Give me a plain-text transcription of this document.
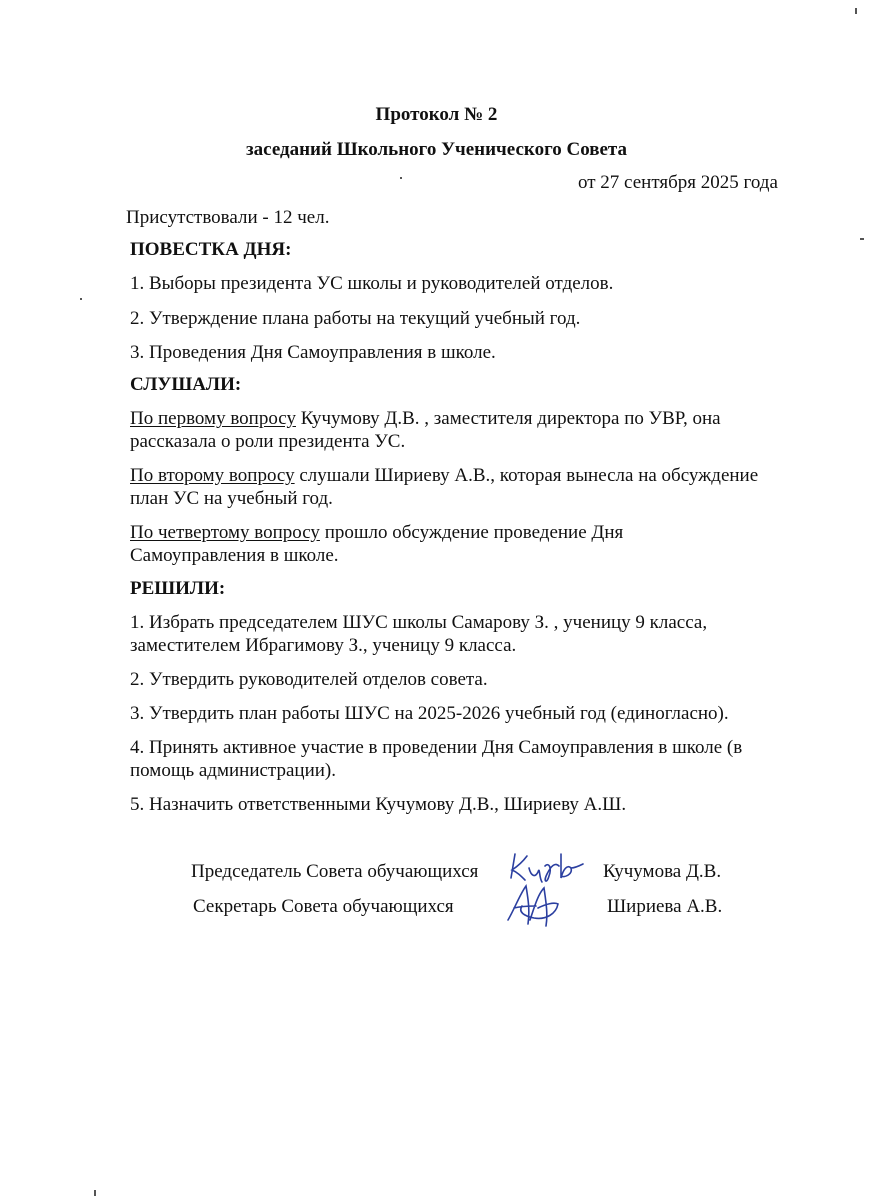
Протокол № 2
заседаний Школьного Ученического Совета
от 27 сентября 2025 года
Присутствовали - 12 чел.
ПОВЕСТКА ДНЯ:
1. Выборы президента УС школы и руководителей отделов.
2. Утверждение плана работы на текущий учебный год.
3. Проведения Дня Самоуправления в школе.
СЛУШАЛИ:
По первому вопросу Кучумову Д.В. , заместителя директора по УВР, она
рассказала о роли президента УС.
По второму вопросу слушали Шириеву А.В., которая вынесла на обсуждение
план УС на учебный год.
По четвертому вопросу прошло обсуждение проведение Дня
Самоуправления в школе.
РЕШИЛИ:
1. Избрать председателем ШУС школы Самарову З. , ученицу 9 класса,
заместителем Ибрагимову З., ученицу 9 класса.
2. Утвердить руководителей отделов совета.
3. Утвердить план работы ШУС на 2025-2026 учебный год (единогласно).
4. Принять активное участие в проведении Дня Самоуправления в школе (в
помощь администрации).
5. Назначить ответственными Кучумову Д.В., Шириеву А.Ш.
Председатель Совета обучающихся	Кучумова Д.В.
Секретарь Совета обучающихся	Шириева А.В.
